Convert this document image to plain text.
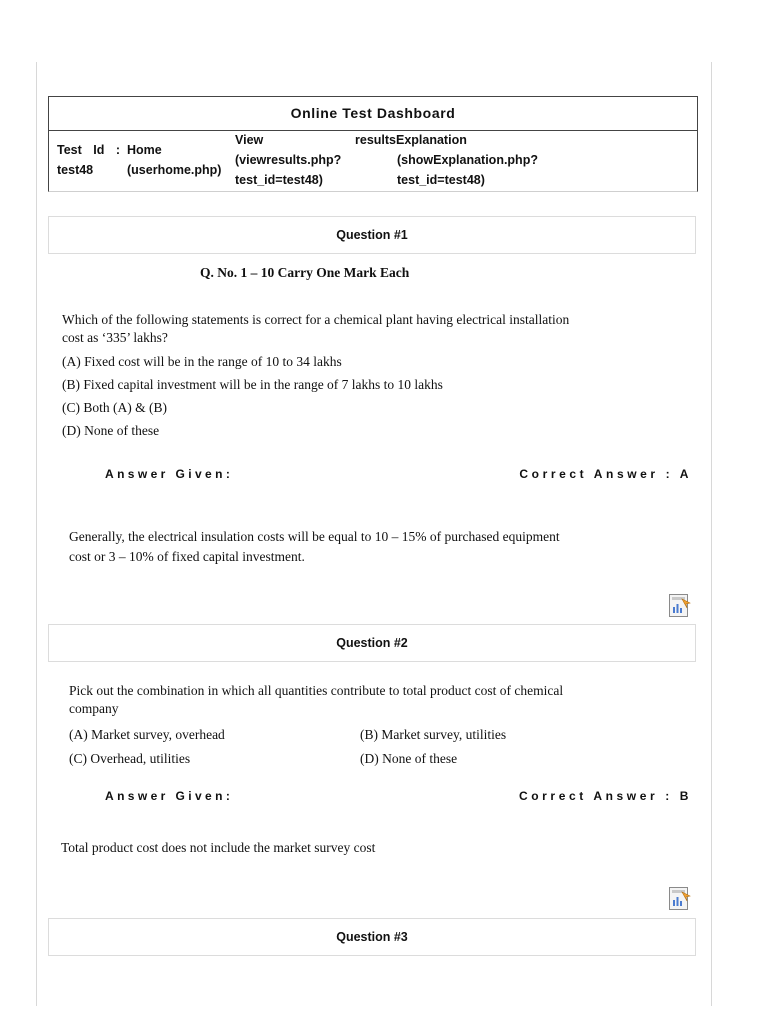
Online Test Dashboard
Test Id :
test48
Home
(userhome.php)
View
(viewresults.php?
test_id=test48)
resultsExplanation
(showExplanation.php?
test_id=test48)
Question #1
Q. No. 1 – 10 Carry One Mark Each
Which of the following statements is correct for a chemical plant having electrical installation
cost as ‘335’ lakhs?
(A) Fixed cost will be in the range of 10 to 34 lakhs
(B) Fixed capital investment will be in the range of 7 lakhs to 10 lakhs
(C) Both (A) & (B)
(D) None of these
Answer Given:	Correct Answer : A
Generally, the electrical insulation costs will be equal to 10 – 15% of purchased equipment
cost or 3 – 10% of fixed capital investment.
Question #2
Pick out the combination in which all quantities contribute to total product cost of chemical
company
(A) Market survey, overhead
(C) Overhead, utilities
(B) Market survey, utilities
(D) None of these
Answer Given:	Correct Answer : B
Total product cost does not include the market survey cost
Question #3
